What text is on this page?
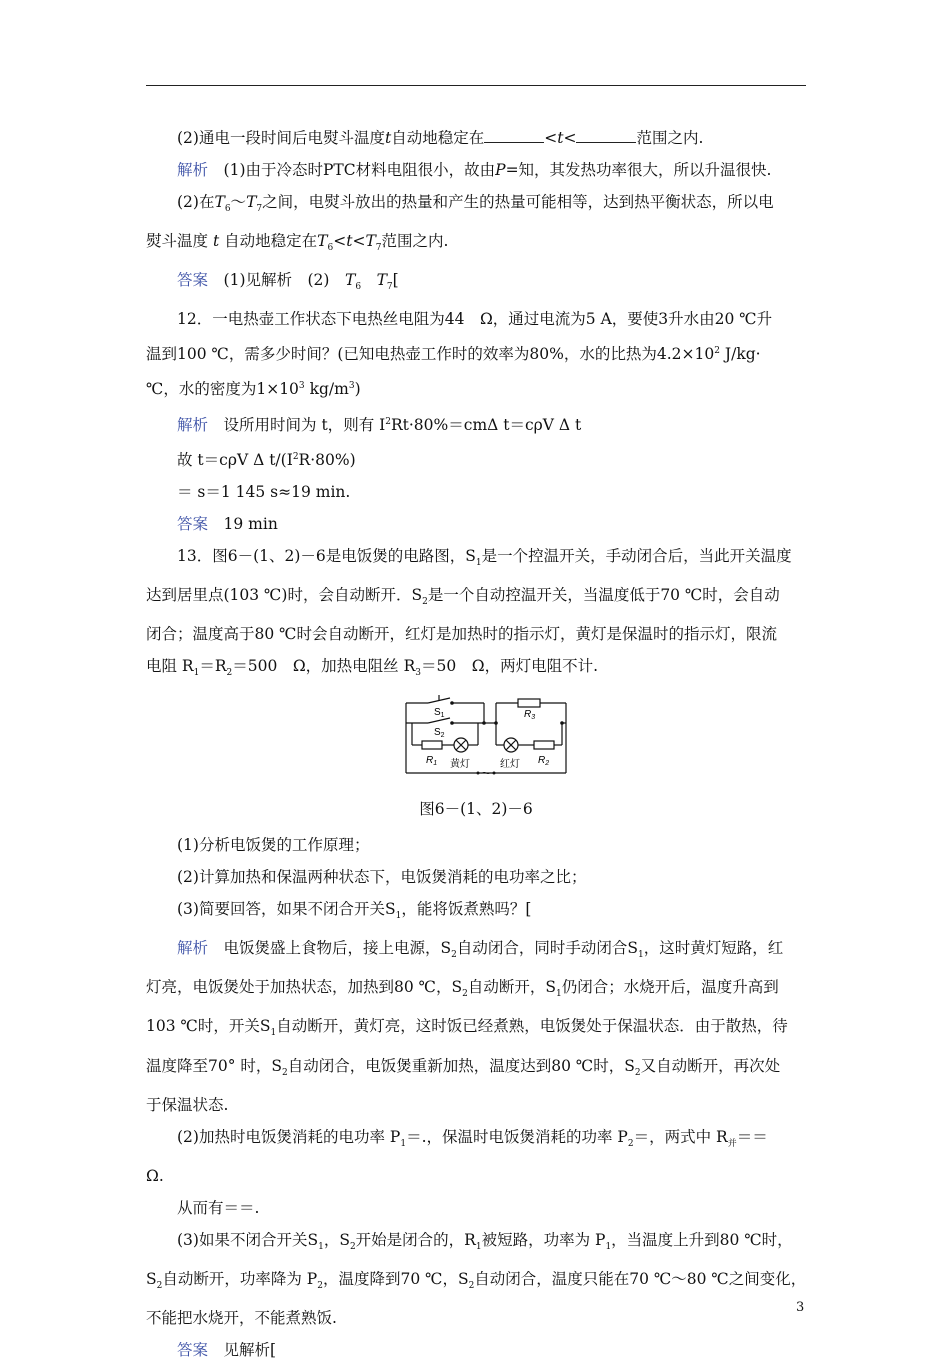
(2)通电一段时间后电熨斗温度t自动地稳定在	<t<	范围之内.

解析　 (1)由于冷态时PTC材料电阻很小，故由P=知，其发热功率很大，所以升温很快.

(2)在$T_6\sim T_7$之间，电熨斗放出的热量和产生的热量可能相等，达到热平衡状态，所以电

熨斗温度 t 自动地稳定在$T_6<t<T_7$范围之内.

答案　 (1)见解析　(2)　 $T_6$　 $T_7$[

12．一电热壶工作状态下电热丝电阻为44　Ω，通过电流为5 A，要使3升水由20 ℃升

温到100 ℃，需多少时间？(已知电热壶工作时的效率为80%，水的比热为$4.2\times 10^2$ J/kg·

℃，水的密度为$1\times 10^3$ $kg/m^3$)

解析　 设所用时间为 t，则有 $I^2Rt\cdot 80\%=cm\Delta$ t＝cρV Δ t

故 t＝cρV Δ $t/(I^2R\cdot 80\%)$

＝ s＝1 145 s≈19 min.

答案　 19 min

13．图6－(1、2)－6是电饭煲的电路图，$S_1$是一个控温开关，手动闭合后，当此开关温度

达到居里点(103 ℃)时，会自动断开．$S_2$是一个自动控温开关，当温度低于70 ℃时，会自动

闭合；温度高于80 ℃时会自动断开，红灯是加热时的指示灯，黄灯是保温时的指示灯，限流

电阻 $R_1=R_2=500$　Ω，加热电阻丝 $R_3=50$　Ω，两灯电阻不计.

$S_1$
$S_2$
$R_3$
$R_1$ 黄灯	红灯 $R_2$
～
图6－(1、2)－6

(1)分析电饭煲的工作原理；

(2)计算加热和保温两种状态下，电饭煲消耗的电功率之比；

(3)简要回答，如果不闭合开关$S_1$，能将饭煮熟吗？[

解析　 电饭煲盛上食物后，接上电源，$S_2$自动闭合，同时手动闭合$S_1$，这时黄灯短路，红

灯亮，电饭煲处于加热状态，加热到80 ℃，$S_2$自动断开，$S_1$仍闭合；水烧开后，温度升高到

103 ℃时，开关$S_1$自动断开，黄灯亮，这时饭已经煮熟，电饭煲处于保温状态．由于散热，待

温度降至70° 时，$S_2$自动闭合，电饭煲重新加热，温度达到80 ℃时，$S_2$又自动断开，再次处

于保温状态.

(2)加热时电饭煲消耗的电功率 $P_1=$.，保温时电饭煲消耗的功率 $P_2=$，两式中 $R_并==$

Ω.

从而有＝＝.

(3)如果不闭合开关$S_1$，$S_2$开始是闭合的，$R_1$被短路，功率为 $P_1$，当温度上升到80 ℃时，

$S_2$自动断开，功率降为 $P_2$，温度降到70 ℃，$S_2$自动闭合，温度只能在70 ℃～80 ℃之间变化，

不能把水烧开，不能煮熟饭.

答案　 见解析[

3
